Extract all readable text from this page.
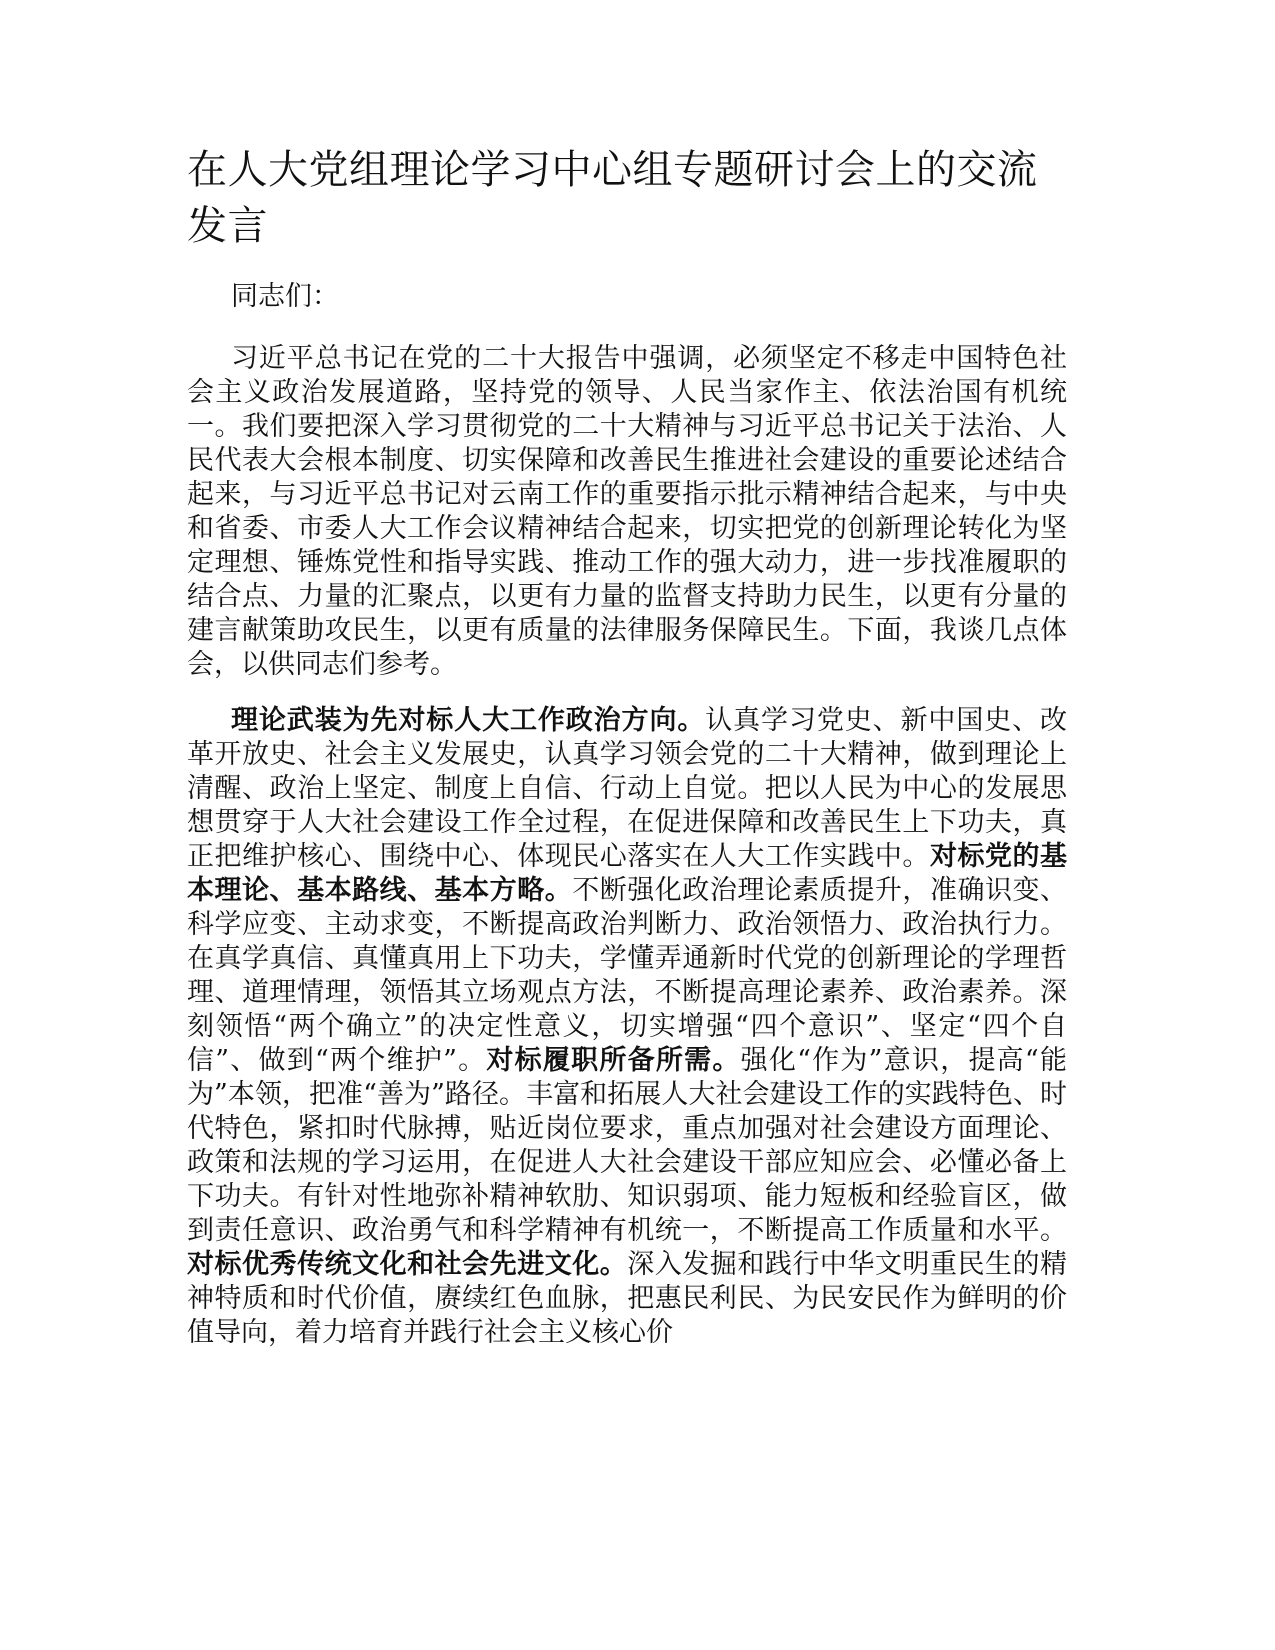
在人大党组理论学习中心组专题研讨会上的交流发言

同志们：

习近平总书记在党的二十大报告中强调，必须坚定不移走中国特色社会主义政治发展道路，坚持党的领导、人民当家作主、依法治国有机统一。我们要把深入学习贯彻党的二十大精神与习近平总书记关于法治、人民代表大会根本制度、切实保障和改善民生推进社会建设的重要论述结合起来，与习近平总书记对云南工作的重要指示批示精神结合起来，与中央和省委、市委人大工作会议精神结合起来，切实把党的创新理论转化为坚定理想、锤炼党性和指导实践、推动工作的强大动力，进一步找准履职的结合点、力量的汇聚点，以更有力量的监督支持助力民生，以更有分量的建言献策助攻民生，以更有质量的法律服务保障民生。下面，我谈几点体会，以供同志们参考。

理论武装为先对标人大工作政治方向。认真学习党史、新中国史、改革开放史、社会主义发展史，认真学习领会党的二十大精神，做到理论上清醒、政治上坚定、制度上自信、行动上自觉。把以人民为中心的发展思想贯穿于人大社会建设工作全过程，在促进保障和改善民生上下功夫，真正把维护核心、围绕中心、体现民心落实在人大工作实践中。对标党的基本理论、基本路线、基本方略。不断强化政治理论素质提升，准确识变、科学应变、主动求变，不断提高政治判断力、政治领悟力、政治执行力。在真学真信、真懂真用上下功夫，学懂弄通新时代党的创新理论的学理哲理、道理情理，领悟其立场观点方法，不断提高理论素养、政治素养。深刻领悟“两个确立”的决定性意义，切实增强“四个意识”、坚定“四个自信”、做到“两个维护”。对标履职所备所需。强化“作为”意识，提高“能为”本领，把准“善为”路径。丰富和拓展人大社会建设工作的实践特色、时代特色，紧扣时代脉搏，贴近岗位要求，重点加强对社会建设方面理论、政策和法规的学习运用，在促进人大社会建设干部应知应会、必懂必备上下功夫。有针对性地弥补精神软肋、知识弱项、能力短板和经验盲区，做到责任意识、政治勇气和科学精神有机统一，不断提高工作质量和水平。对标优秀传统文化和社会先进文化。深入发掘和践行中华文明重民生的精神特质和时代价值，赓续红色血脉，把惠民利民、为民安民作为鲜明的价值导向，着力培育并践行社会主义核心价
